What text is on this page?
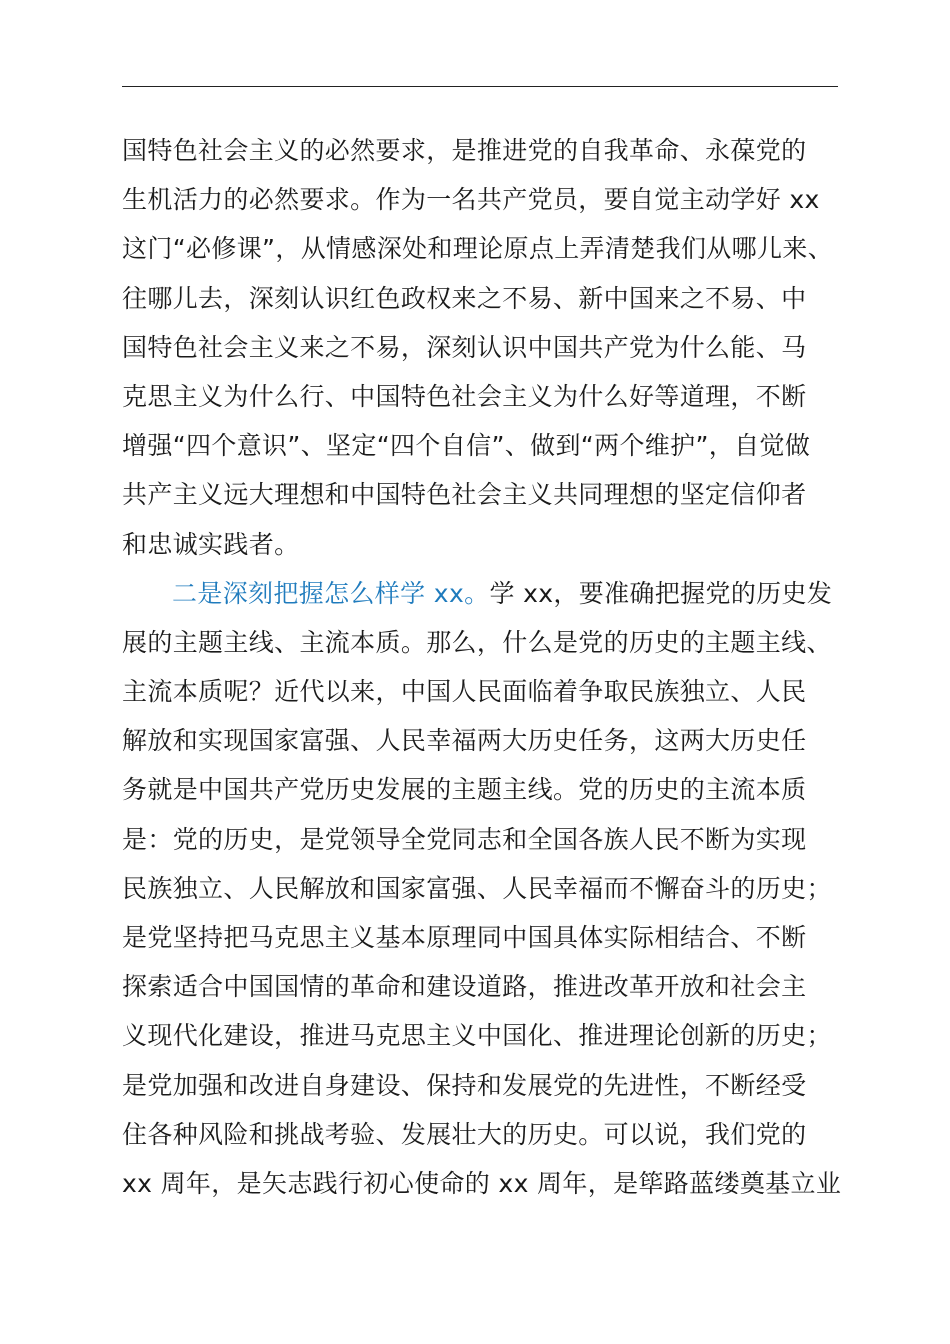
国特色社会主义的必然要求，是推进党的自我革命、永葆党的
生机活力的必然要求。作为一名共产党员，要自觉主动学好 xx
这门“必修课”，从情感深处和理论原点上弄清楚我们从哪儿来、
往哪儿去，深刻认识红色政权来之不易、新中国来之不易、中
国特色社会主义来之不易，深刻认识中国共产党为什么能、马
克思主义为什么行、中国特色社会主义为什么好等道理，不断
增强“四个意识”、坚定“四个自信”、做到“两个维护”，自觉做
共产主义远大理想和中国特色社会主义共同理想的坚定信仰者
和忠诚实践者。
二是深刻把握怎么样学 xx。学 xx，要准确把握党的历史发
展的主题主线、主流本质。那么，什么是党的历史的主题主线、
主流本质呢？近代以来，中国人民面临着争取民族独立、人民
解放和实现国家富强、人民幸福两大历史任务，这两大历史任
务就是中国共产党历史发展的主题主线。党的历史的主流本质
是：党的历史，是党领导全党同志和全国各族人民不断为实现
民族独立、人民解放和国家富强、人民幸福而不懈奋斗的历史；
是党坚持把马克思主义基本原理同中国具体实际相结合、不断
探索适合中国国情的革命和建设道路，推进改革开放和社会主
义现代化建设，推进马克思主义中国化、推进理论创新的历史；
是党加强和改进自身建设、保持和发展党的先进性，不断经受
住各种风险和挑战考验、发展壮大的历史。可以说，我们党的
xx 周年，是矢志践行初心使命的 xx 周年，是筚路蓝缕奠基立业
